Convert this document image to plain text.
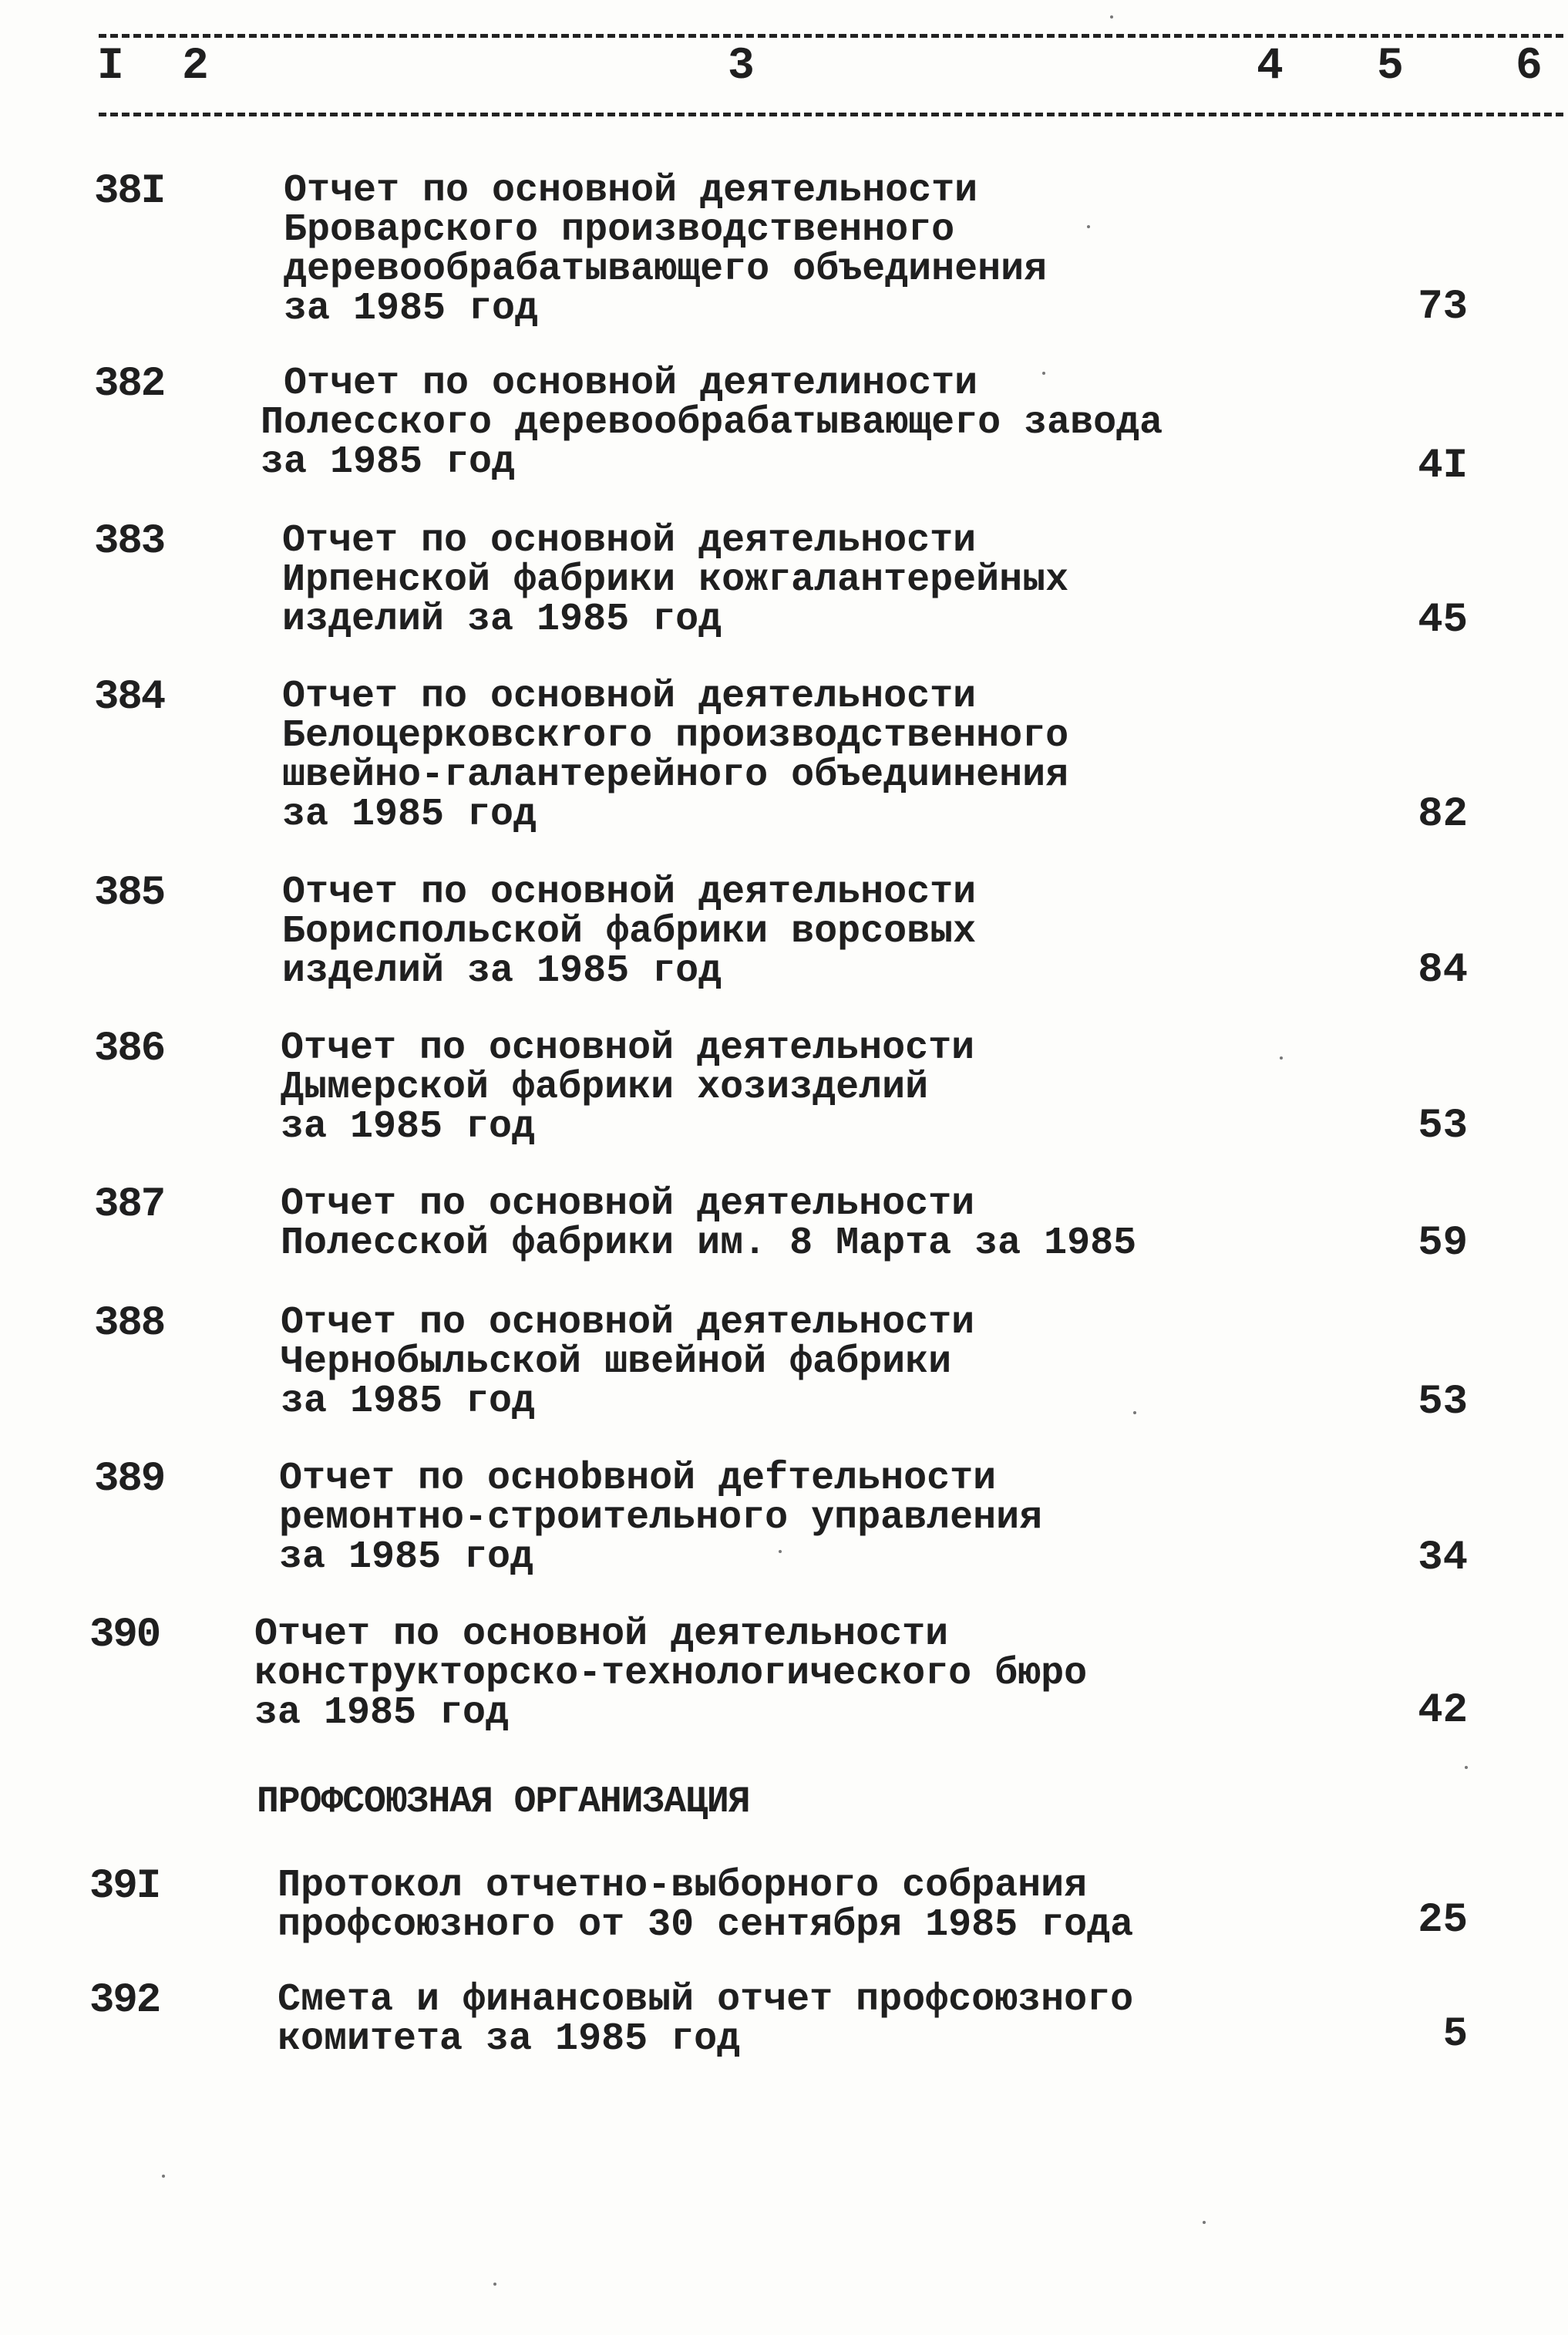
I 2	3	4 5	6
38I	Отчет по основной деятельности
Броварского производственного
деревообрабатывающего объединения
за 1985 год	73
382	Отчет по основной деятелиности
Полесского деревообрабатывающего завода
за 1985 год	4I
383	Отчет по основной деятельности
Ирпенской фабрики кожгалантерейных
изделий за 1985 год	45
384	Отчет по основной деятельности
Белоцерковскrого производственного
швейно-галантерейного объедuинения
за 1985 год	82
385	Отчет по основной деятельности
Бориспольской фабрики ворсовых
изделий за 1985 год	84
386	Отчет по основной деятельности
Дымерской фабрики хозизделий
за 1985 год	53
387	Отчет по основной деятельности
Полесской фабрики им. 8 Марта за 1985	59
388	Отчет по основной деятельности
Чернобыльской швейной фабрики
за 1985 год	53
389	Отчет по осноbвной деfтельности
ремонтно-строительного управления
за 1985 год	34
390 Отчет по основной деятельности
конструкторско-технологического бюро
за 1985 год	42
ПРОФСОЮЗНАЯ ОРГАНИЗАЦИЯ
39I	Протокол отчетно-выборного собрания
профсоюзного от 30 сентября 1985 года	25
392	Смета и финансовый отчет профсоюзного
комитета за 1985 год	5
